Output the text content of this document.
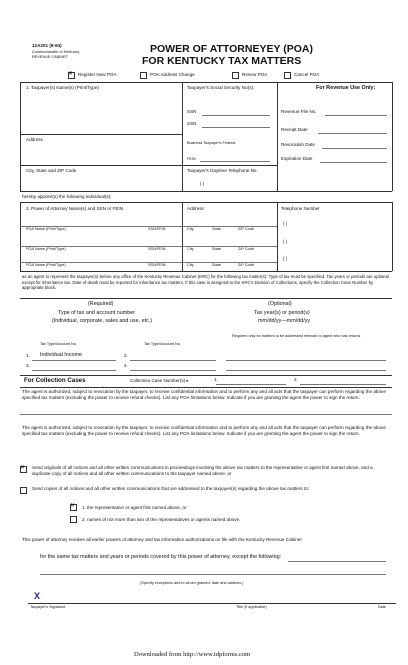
12A201 (8-94)
Commonwealth of Kentucky
REVENUE CABINET
POWER OF ATTORNEYEY (POA)
FOR KENTUCKY TAX MATTERS
✕
Register New POA	POA Address Change	Renew POA	Cancel POA
1. Taxpayer(s) Name(s) (Print/Type)	Taxpayer's Social Security No(s).
SSN
SSN
Address
Business Taxpayer's Federal
FEIN
City, State and ZIP Code	Taxpayer's Daytime Telephone No.
( )
For Revenue Use Only;
Revenue File No.
Receipt Date
Revocation Date
Expiration Date
hereby appoint(s) the following individual(s):
2. Power of Attorney Name(s) and SSN or FEIN	Address	Telephone Number
POA Name (Print/Type)	SSN/FEIN	City	State	ZIP Code
POA Name (Print/Type)	SSN/FEIN	City	State	ZIP Code
POA Name (Print/Type)	SSN/FEIN	City	State	ZIP Code
( )
( )
( )
as an agent to represent the taxpayer(s) before any office of the Kentucky Revenue Cabinet (KRC) for the following tax matter(s): Type of tax must be specified. Tax years or periods are optional except for inheritance tax. Date of death must be reported for inheritance tax matters. If this case is assigned to the KRC's Division of Collections, specify the Collection Case Number by appropriate block.
(Required)	(Optional)
Type of tax and account number
(Individual, corporate, sales and use, etc.)
Tax year(s) or period(s)
mm/dd/yy—mm/dd/yy
Required only for matters to be addressed relevant to agent who has returns
Tax Type/Account No.	Tax Type/Account No.
1. Individual Income	2.
3.	4.
For Collection Cases	Collection Case Number(s) ▸	1.	2.
The agent is authorized, subject to revocation by the taxpayer, to receive confidential information and to perform any and all acts that the taxpayer can perform regarding the above specified tax matters (excluding the power to receive refund checks). List any POA limitations below. Indicate if you are granting the agent the power to sign the return.
The agent is authorized, subject to revocation by the taxpayer, to receive confidential information and to perform any and all acts that the taxpayer can perform regarding the above specified tax matters (excluding the power to receive refund checks). List any POA limitations below. Indicate if you are granting the agent the power to sign the return.
✕
Send originals of all notices and all other written communications in proceedings involving the above tax matters to the representative or agent first named above, and a duplicate copy of all notices and all other written communications to the taxpayer named above; or
Send copies of all notices and all other written communications that are addressed to the taxpayer(s) regarding the above tax matters to:
✕
1. the representative or agent first named above, or
2. names of not more than two of the representatives or agents named above.
This power of attorney revokes all earlier powers of attorney and tax information authorizations on file with the Kentucky Revenue Cabinet
for the same tax matters and years or periods covered by this power of attorney, except the following:
(Specify exceptions and to whom granted: date and address.)
X
Taxpayer's Signature	Title (if applicable)	Date
Downloaded from http://www.tdpforms.com
